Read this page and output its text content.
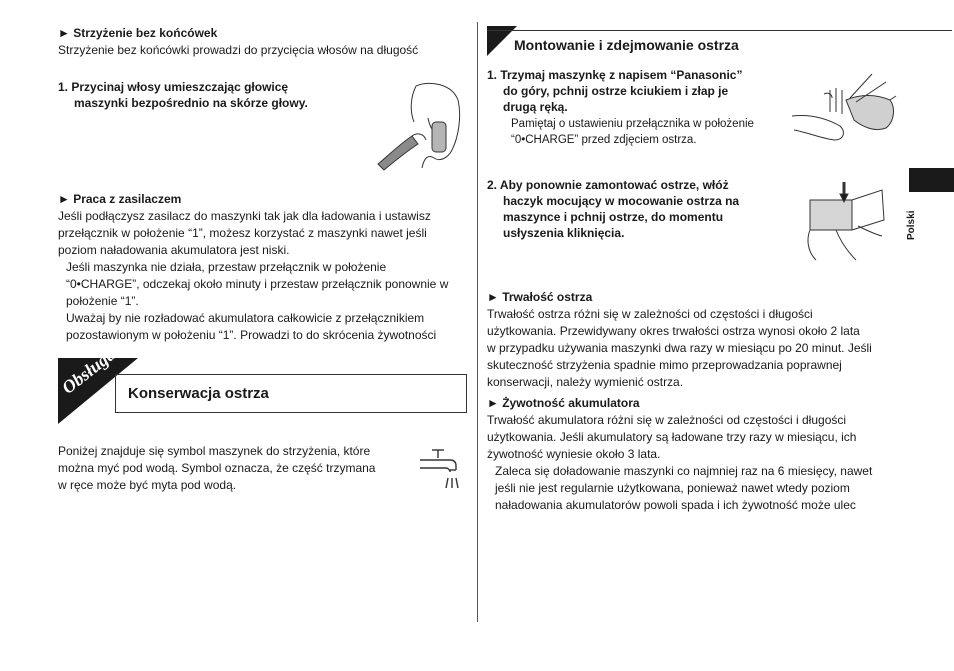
► Strzyżenie bez końcówek
Strzyżenie bez końcówki prowadzi do przycięcia włosów na długość
1. Przycinaj włosy umieszczając głowicę
maszynki bezpośrednio na skórze głowy.
► Praca z zasilaczem
Jeśli podłączysz zasilacz do maszynki tak jak dla ładowania i ustawisz
przełącznik w położenie “1”, możesz korzystać z maszynki nawet jeśli
poziom naładowania akumulatora jest niski.
Jeśli maszynka nie działa, przestaw przełącznik w położenie
“0•CHARGE”, odczekaj około minuty i przestaw przełącznik ponownie w
położenie “1”.
Uważaj by nie rozładować akumulatora całkowicie z przełącznikiem
pozostawionym w położeniu “1”. Prowadzi to do skrócenia żywotności
Obsługa Konserwacja ostrza
Poniżej znajduje się symbol maszynek do strzyżenia, które
można myć pod wodą. Symbol oznacza, że część trzymana
w ręce może być myta pod wodą.
Montowanie i zdejmowanie ostrza
1. Trzymaj maszynkę z napisem “Panasonic”
do góry, pchnij ostrze kciukiem i złap je
drugą ręką.
Pamiętaj o ustawieniu przełącznika w położenie
“0•CHARGE” przed zdjęciem ostrza.
2. Aby ponownie zamontować ostrze, włóż
haczyk mocujący w mocowanie ostrza na
maszynce i pchnij ostrze, do momentu
usłyszenia kliknięcia.
► Trwałość ostrza
Trwałość ostrza różni się w zależności od częstości i długości
użytkowania. Przewidywany okres trwałości ostrza wynosi około 2 lata
w przypadku używania maszynki dwa razy w miesiącu po 20 minut. Jeśli
skuteczność strzyżenia spadnie mimo przeprowadzania poprawnej
konserwacji, należy wymienić ostrza.
► Żywotność akumulatora
Trwałość akumulatora różni się w zależności od częstości i długości
użytkowania. Jeśli akumulatory są ładowane trzy razy w miesiącu, ich
żywotność wyniesie około 3 lata.
Zaleca się doładowanie maszynki co najmniej raz na 6 miesięcy, nawet
jeśli nie jest regularnie użytkowana, ponieważ nawet wtedy poziom
naładowania akumulatorów powoli spada i ich żywotność może ulec
Polski
